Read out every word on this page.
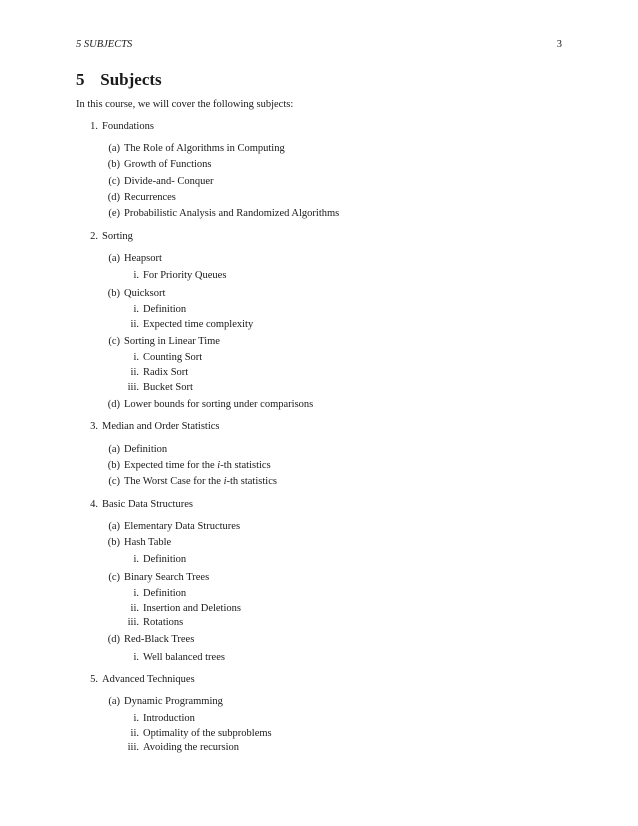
5 SUBJECTS	3
5 Subjects

In this course, we will cover the following subjects:

1. Foundations
(a) The Role of Algorithms in Computing
(b) Growth of Functions
(c) Divide-and- Conquer
(d) Recurrences
(e) Probabilistic Analysis and Randomized Algorithms
2. Sorting
(a) Heapsort
i. For Priority Queues
(b) Quicksort
i. Definition
ii. Expected time complexity
(c) Sorting in Linear Time
i. Counting Sort
ii. Radix Sort
iii. Bucket Sort
(d) Lower bounds for sorting under comparisons
3. Median and Order Statistics
(a) Definition
(b) Expected time for the i-th statistics
(c) The Worst Case for the i-th statistics
4. Basic Data Structures
(a) Elementary Data Structures
(b) Hash Table
i. Definition
(c) Binary Search Trees
i. Definition
ii. Insertion and Deletions
iii. Rotations
(d) Red-Black Trees
i. Well balanced trees
5. Advanced Techniques
(a) Dynamic Programming
i. Introduction
ii. Optimality of the subproblems
iii. Avoiding the recursion
